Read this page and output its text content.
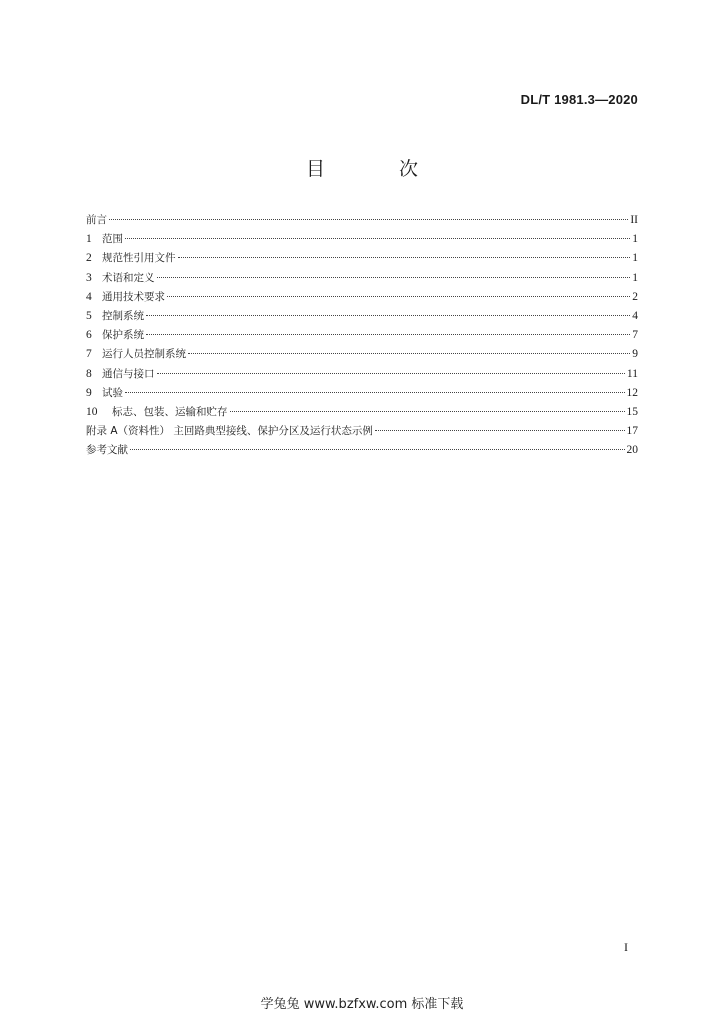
DL/T 1981.3—2020
目 次
前言	II
1 范围	1
2 规范性引用文件	1
3 术语和定义	1
4 通用技术要求	2
5 控制系统	4
6 保护系统	7
7 运行人员控制系统	9
8 通信与接口	11
9 试验	12
10	标志、包装、运输和贮存	15
附录 A（资料性） 主回路典型接线、保护分区及运行状态示例	17
参考文献	20
I
学兔兔 www.bzfxw.com 标准下载
